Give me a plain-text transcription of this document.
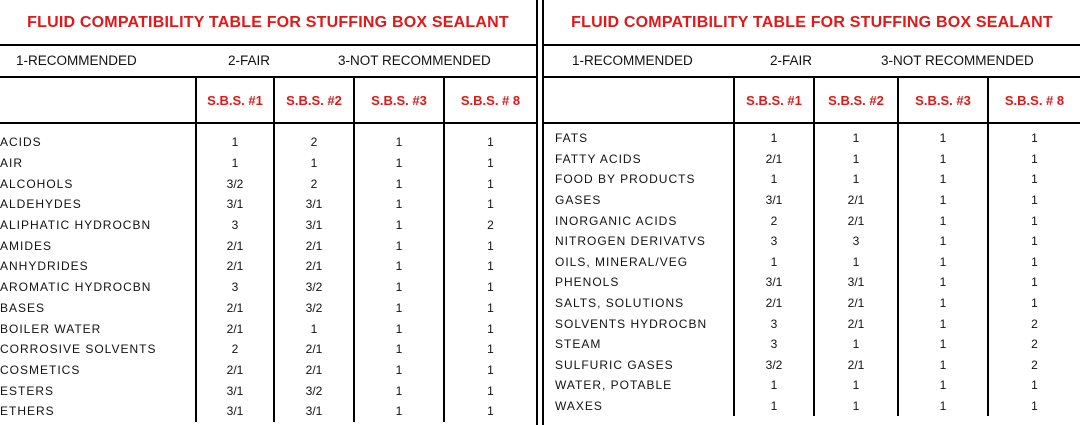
FLUID COMPATIBILITY TABLE FOR STUFFING BOX SEALANT
1-RECOMMENDED	2-FAIR	3-NOT RECOMMENDED
	S.B.S. #1	S.B.S. #2	S.B.S. #3	S.B.S. # 8

ACIDS	1	2	1	1
AIR	1	1	1	1
ALCOHOLS	3/2	2	1	1
ALDEHYDES	3/1	3/1	1	1
ALIPHATIC HYDROCBN	3	3/1	1	2
AMIDES	2/1	2/1	1	1
ANHYDRIDES	2/1	2/1	1	1
AROMATIC HYDROCBN	3	3/2	1	1
BASES	2/1	3/2	1	1
BOILER WATER	2/1	1	1	1
CORROSIVE SOLVENTS	2	2/1	1	1
COSMETICS	2/1	2/1	1	1
ESTERS	3/1	3/2	1	1
ETHERS	3/1	3/1	1	1
FLUID COMPATIBILITY TABLE FOR STUFFING BOX SEALANT
1-RECOMMENDED	2-FAIR	3-NOT RECOMMENDED
	S.B.S. #1	S.B.S. #2	S.B.S. #3	S.B.S. # 8

FATS	1	1	1	1
FATTY ACIDS	2/1	1	1	1
FOOD BY PRODUCTS	1	1	1	1
GASES	3/1	2/1	1	1
INORGANIC ACIDS	2	2/1	1	1
NITROGEN DERIVATVS	3	3	1	1
OILS, MINERAL/VEG	1	1	1	1
PHENOLS	3/1	3/1	1	1
SALTS, SOLUTIONS	2/1	2/1	1	1
SOLVENTS HYDROCBN	3	2/1	1	2
STEAM	3	1	1	2
SULFURIC GASES	3/2	2/1	1	2
WATER, POTABLE	1	1	1	1
WAXES	1	1	1	1
